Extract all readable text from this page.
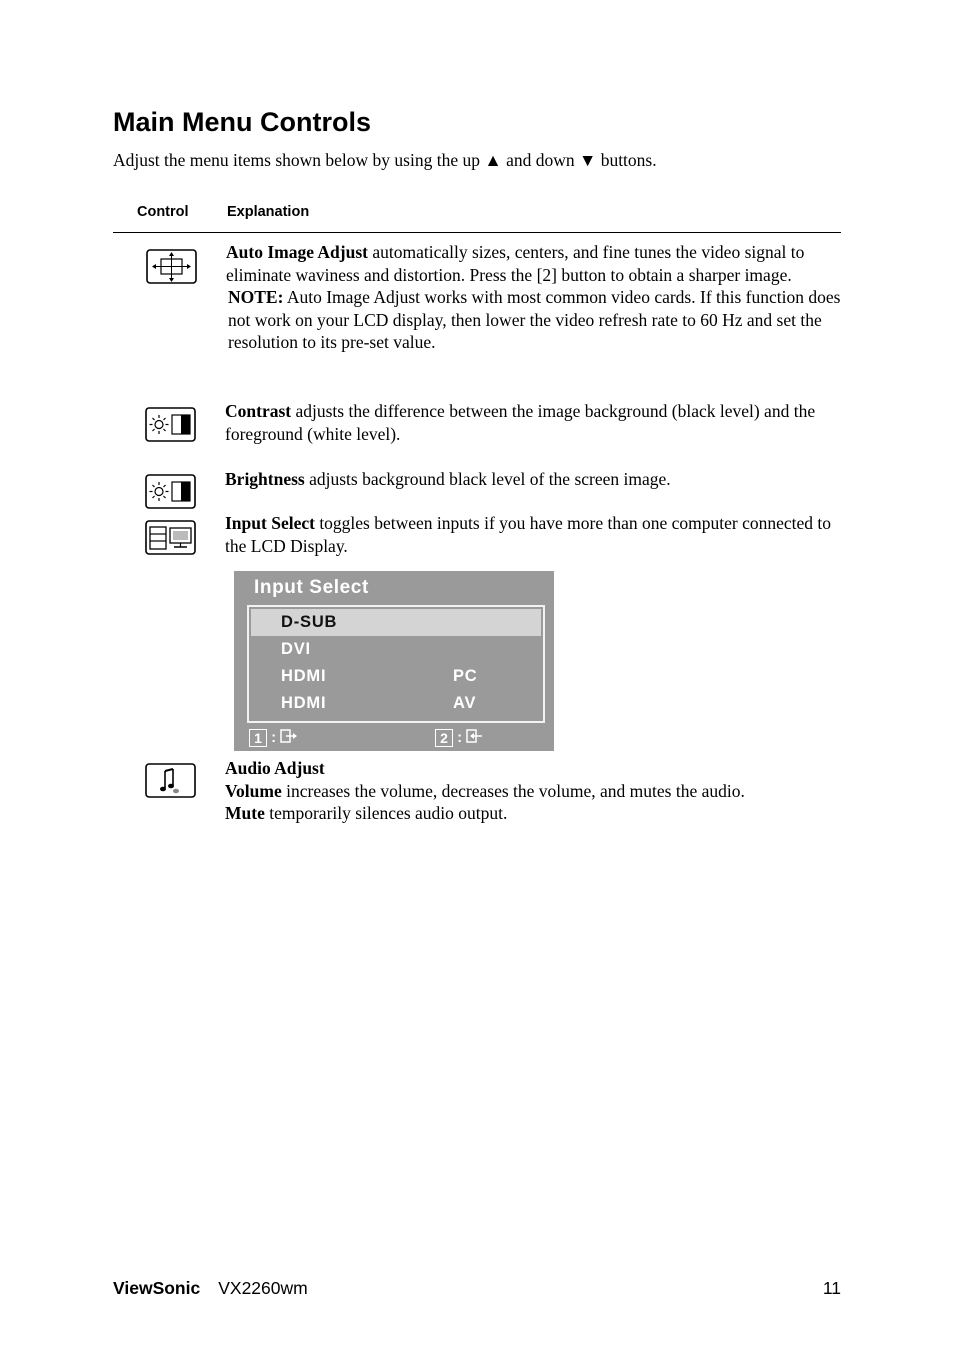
Main Menu Controls
Adjust the menu items shown below by using the up ▲ and down ▼ buttons.
Control	Explanation
Auto Image Adjust automatically sizes, centers, and fine tunes the video signal to eliminate waviness and distortion. Press the [2] button to obtain a sharper image.
NOTE: Auto Image Adjust works with most common video cards. If this function does not work on your LCD display, then lower the video refresh rate to 60 Hz and set the resolution to its pre-set value.
Contrast adjusts the difference between the image background (black level) and the foreground (white level).
Brightness adjusts background black level of the screen image.
Input Select toggles between inputs if you have more than one computer connected to the LCD Display.
Input Select
D-SUB
DVI
HDMI	PC
HDMI	AV
1 :	2 :
Audio Adjust
Volume increases the volume, decreases the volume, and mutes the audio.
Mute temporarily silences audio output.
ViewSonic VX2260wm	11
